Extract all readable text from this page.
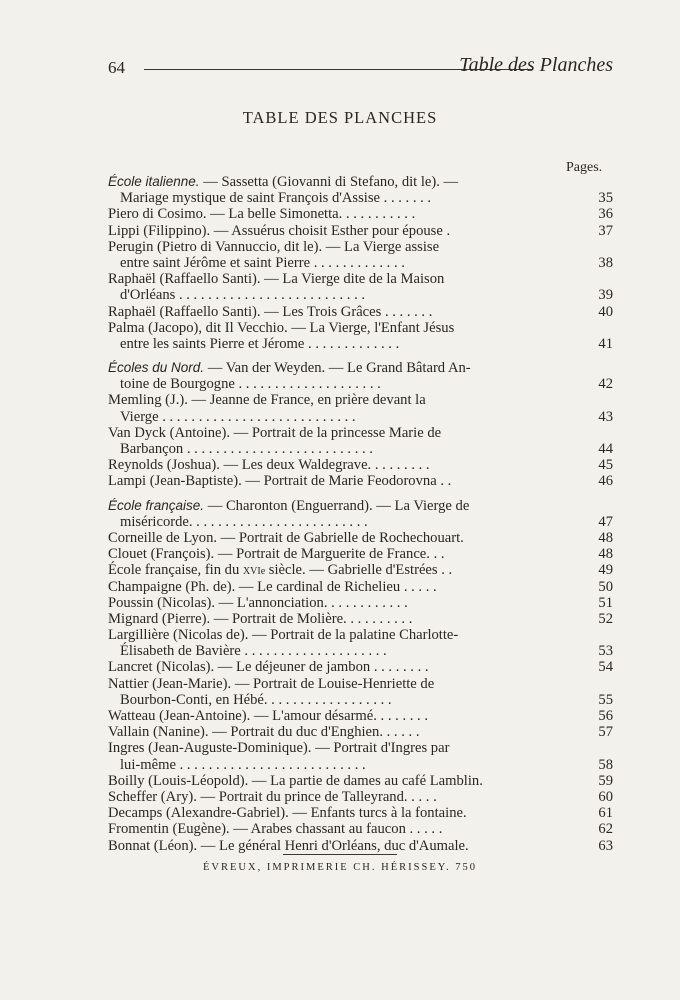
64	Table des Planches
TABLE DES PLANCHES
Pages.
École italienne. — Sassetta (Giovanni di Stefano, dit le). —
Mariage mystique de saint François d'Assise . . . . . . .	35
Piero di Cosimo. — La belle Simonetta. . . . . . . . . . .	36
Lippi (Filippino). — Assuérus choisit Esther pour épouse .	37
Perugin (Pietro di Vannuccio, dit le). — La Vierge assise
entre saint Jérôme et saint Pierre . . . . . . . . . . . . .	38
Raphaël (Raffaello Santi). — La Vierge dite de la Maison
d'Orléans . . . . . . . . . . . . . . . . . . . . . . . . . .	39
Raphaël (Raffaello Santi). — Les Trois Grâces . . . . . . .	40
Palma (Jacopo), dit Il Vecchio. — La Vierge, l'Enfant Jésus
entre les saints Pierre et Jérome . . . . . . . . . . . . .	41
Écoles du Nord. — Van der Weyden. — Le Grand Bâtard An-
toine de Bourgogne . . . . . . . . . . . . . . . . . . . .	42
Memling (J.). — Jeanne de France, en prière devant la
Vierge . . . . . . . . . . . . . . . . . . . . . . . . . . .	43
Van Dyck (Antoine). — Portrait de la princesse Marie de
Barbançon . . . . . . . . . . . . . . . . . . . . . . . . . .	44
Reynolds (Joshua). — Les deux Waldegrave. . . . . . . . .	45
Lampi (Jean-Baptiste). — Portrait de Marie Feodorovna . .	46
École française. — Charonton (Enguerrand). — La Vierge de
miséricorde. . . . . . . . . . . . . . . . . . . . . . . . .	47
Corneille de Lyon. — Portrait de Gabrielle de Rochechouart.	48
Clouet (François). — Portrait de Marguerite de France. . .	48
École française, fin du XVIe siècle. — Gabrielle d'Estrées . .	49
Champaigne (Ph. de). — Le cardinal de Richelieu . . . . .	50
Poussin (Nicolas). — L'annonciation. . . . . . . . . . . .	51
Mignard (Pierre). — Portrait de Molière. . . . . . . . . .	52
Largillière (Nicolas de). — Portrait de la palatine Charlotte-
Élisabeth de Bavière . . . . . . . . . . . . . . . . . . . .	53
Lancret (Nicolas). — Le déjeuner de jambon . . . . . . . .	54
Nattier (Jean-Marie). — Portrait de Louise-Henriette de
Bourbon-Conti, en Hébé. . . . . . . . . . . . . . . . . .	55
Watteau (Jean-Antoine). — L'amour désarmé. . . . . . . .	56
Vallain (Nanine). — Portrait du duc d'Enghien. . . . . .	57
Ingres (Jean-Auguste-Dominique). — Portrait d'Ingres par
lui-même . . . . . . . . . . . . . . . . . . . . . . . . . .	58
Boilly (Louis-Léopold). — La partie de dames au café Lamblin.	59
Scheffer (Ary). — Portrait du prince de Talleyrand. . . . .	60
Decamps (Alexandre-Gabriel). — Enfants turcs à la fontaine.	61
Fromentin (Eugène). — Arabes chassant au faucon . . . . .	62
Bonnat (Léon). — Le général Henri d'Orléans, duc d'Aumale.	63
ÉVREUX, IMPRIMERIE CH. HÉRISSEY. 750
